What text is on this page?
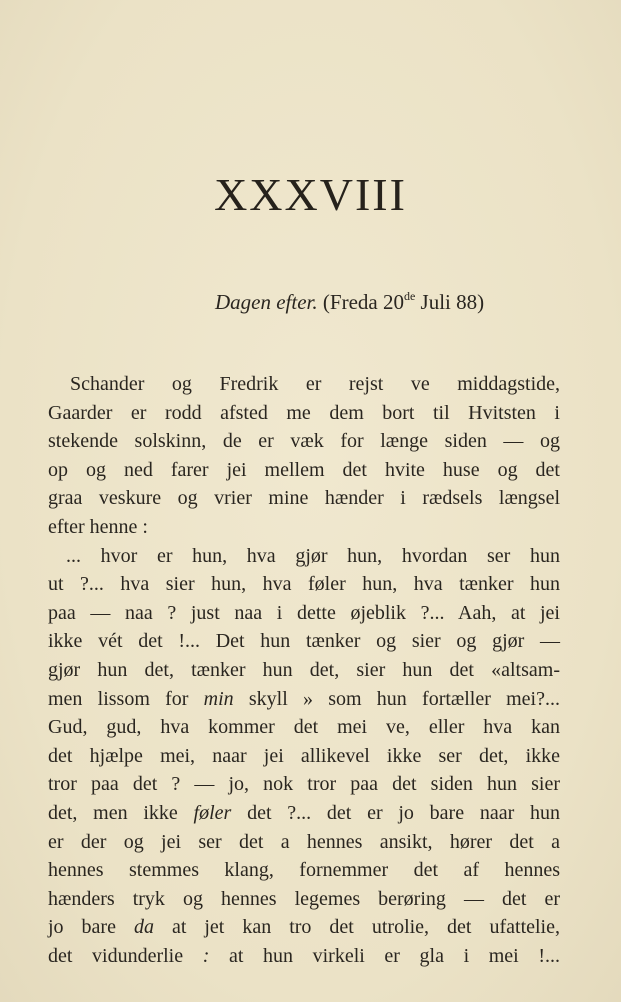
XXXVIII
Dagen efter. (Freda 20de Juli 88)
Schander og Fredrik er rejst ve middagstide,
Gaarder er rodd afsted me dem bort til Hvitsten i
stekende solskinn, de er væk for længe siden — og
op og ned farer jei mellem det hvite huse og det
graa veskure og vrier mine hænder i rædsels længsel
efter henne :
... hvor er hun, hva gjør hun, hvordan ser hun
ut ?... hva sier hun, hva føler hun, hva tænker hun
paa — naa ? just naa i dette øjeblik ?... Aah, at jei
ikke vét det !... Det hun tænker og sier og gjør —
gjør hun det, tænker hun det, sier hun det «altsam-
men lissom for min skyll » som hun fortæller mei?...
Gud, gud, hva kommer det mei ve, eller hva kan
det hjælpe mei, naar jei allikevel ikke ser det, ikke
tror paa det ? — jo, nok tror paa det siden hun sier
det, men ikke føler det ?... det er jo bare naar hun
er der og jei ser det a hennes ansikt, hører det a
hennes stemmes klang, fornemmer det af hennes
hænders tryk og hennes legemes berøring — det er
jo bare da at jet kan tro det utrolie, det ufattelie,
det vidunderlie : at hun virkeli er gla i mei !...
